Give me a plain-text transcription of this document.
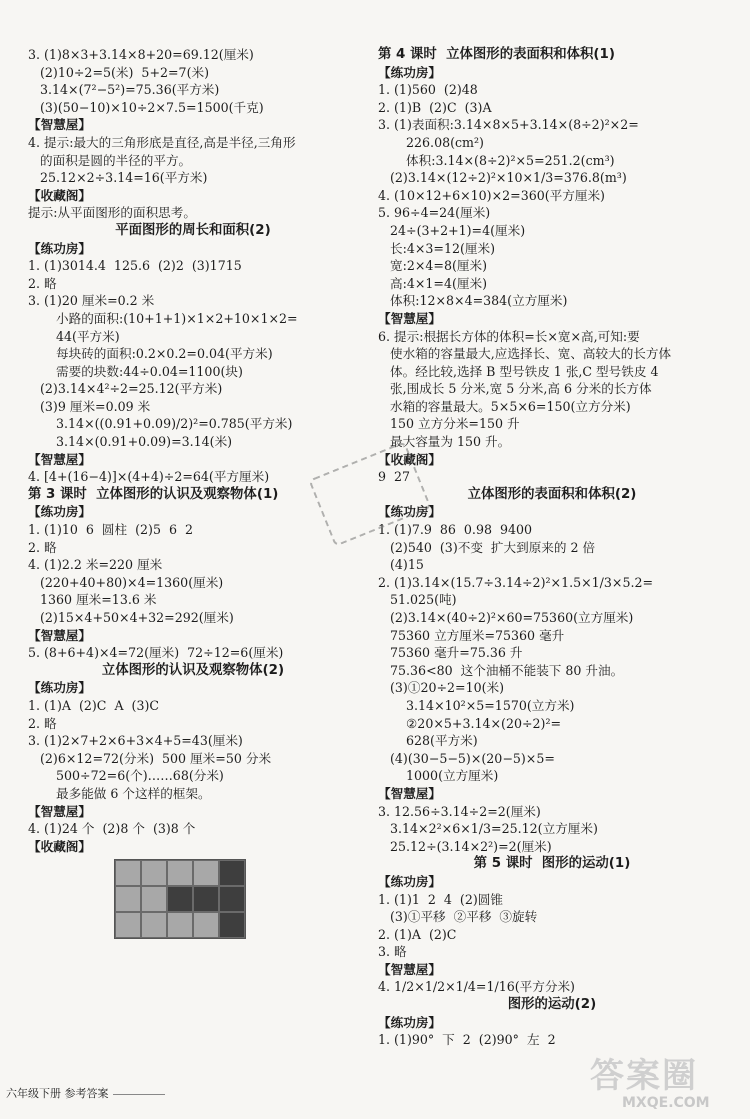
3. (1)8×3+3.14×8+20=69.12(厘米)
(2)10÷2=5(米)  5+2=7(米)
3.14×(7²−5²)=75.36(平方米)
(3)(50−10)×10÷2×7.5=1500(千克)
【智慧屋】
4. 提示:最大的三角形底是直径,高是半径,三角形
的面积是圆的半径的平方。
25.12×2÷3.14=16(平方米)
【收藏阁】
提示:从平面图形的面积思考。
平面图形的周长和面积(2)
【练功房】
1. (1)3014.4  125.6  (2)2  (3)1715
2. 略
3. (1)20 厘米=0.2 米
小路的面积:(10+1+1)×1×2+10×1×2=
44(平方米)
每块砖的面积:0.2×0.2=0.04(平方米)
需要的块数:44÷0.04=1100(块)
(2)3.14×4²÷2=25.12(平方米)
(3)9 厘米=0.09 米
3.14×((0.91+0.09)/2)²=0.785(平方米)
3.14×(0.91+0.09)=3.14(米)
【智慧屋】
4. [4+(16−4)]×(4+4)÷2=64(平方厘米)
第 3 课时  立体图形的认识及观察物体(1)
【练功房】
1. (1)10  6  圆柱  (2)5  6  2
2. 略
4. (1)2.2 米=220 厘米
(220+40+80)×4=1360(厘米)
1360 厘米=13.6 米
(2)15×4+50×4+32=292(厘米)
【智慧屋】
5. (8+6+4)×4=72(厘米)  72÷12=6(厘米)
立体图形的认识及观察物体(2)
【练功房】
1. (1)A  (2)C  A  (3)C
2. 略
3. (1)2×7+2×6+3×4+5=43(厘米)
(2)6×12=72(分米)  500 厘米=50 分米
500÷72=6(个)……68(分米)
最多能做 6 个这样的框架。
【智慧屋】
4. (1)24 个  (2)8 个  (3)8 个
【收藏阁】
第 4 课时  立体图形的表面积和体积(1)
【练功房】
1. (1)560  (2)48
2. (1)B  (2)C  (3)A
3. (1)表面积:3.14×8×5+3.14×(8÷2)²×2=
226.08(cm²)
体积:3.14×(8÷2)²×5=251.2(cm³)
(2)3.14×(12÷2)²×10×1/3=376.8(m³)
4. (10×12+6×10)×2=360(平方厘米)
5. 96÷4=24(厘米)
24÷(3+2+1)=4(厘米)
长:4×3=12(厘米)
宽:2×4=8(厘米)
高:4×1=4(厘米)
体积:12×8×4=384(立方厘米)
【智慧屋】
6. 提示:根据长方体的体积=长×宽×高,可知:要
使水箱的容量最大,应选择长、宽、高较大的长方体
体。经比较,选择 B 型号铁皮 1 张,C 型号铁皮 4
张,围成长 5 分米,宽 5 分米,高 6 分米的长方体
水箱的容量最大。5×5×6=150(立方分米)
150 立方分米=150 升
最大容量为 150 升。
【收藏阁】
9  27
立体图形的表面积和体积(2)
【练功房】
1. (1)7.9  86  0.98  9400
(2)540  (3)不变  扩大到原来的 2 倍
(4)15
2. (1)3.14×(15.7÷3.14÷2)²×1.5×1/3×5.2=
51.025(吨)
(2)3.14×(40÷2)²×60=75360(立方厘米)
75360 立方厘米=75360 毫升
75360 毫升=75.36 升
75.36<80  这个油桶不能装下 80 升油。
(3)①20÷2=10(米)
3.14×10²×5=1570(立方米)
②20×5+3.14×(20÷2)²=
628(平方米)
(4)(30−5−5)×(20−5)×5=
1000(立方厘米)
【智慧屋】
3. 12.56÷3.14÷2=2(厘米)
3.14×2²×6×1/3=25.12(立方厘米)
25.12÷(3.14×2²)=2(厘米)
第 5 课时  图形的运动(1)
【练功房】
1. (1)1  2  4  (2)圆锥
(3)①平移  ②平移  ③旋转
2. (1)A  (2)C
3. 略
【智慧屋】
4. 1/2×1/2×1/4=1/16(平方分米)
图形的运动(2)
【练功房】
1. (1)90°  下  2  (2)90°  左  2
六年级下册 参考答案	答案圈
MXQE.COM
